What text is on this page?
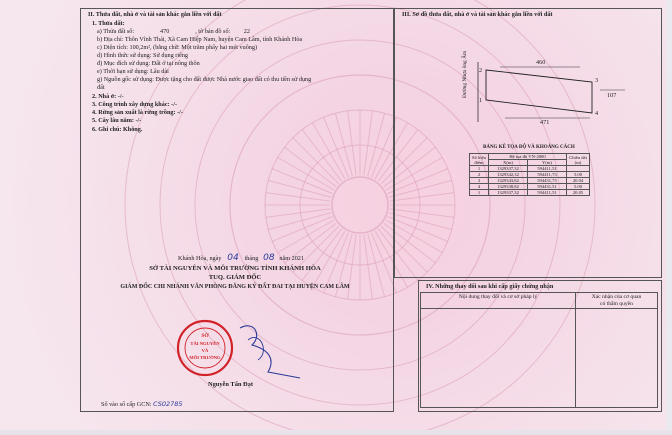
II. Thửa đất, nhà ở và tài sản khác gắn liền với đất
1. Thửa đất:
a) Thửa đất số:	470	, tờ bản đồ số: 22
b) Địa chỉ: Thôn Vĩnh Thái, Xã Cam Hiệp Nam, huyện Cam Lâm, tỉnh Khánh Hòa
c) Diện tích: 100,2m², (bằng chữ: Một trăm phẩy hai mét vuông)
d) Hình thức sử dụng: Sử dụng riêng
đ) Mục đích sử dụng: Đất ở tại nông thôn
e) Thời hạn sử dụng: Lâu dài
g) Nguồn gốc sử dụng: Được tặng cho đất được Nhà nước giao đất có thu tiền sử dụng
đất
2. Nhà ở: -/-
3. Công trình xây dựng khác: -/-
4. Rừng sản xuất là rừng trồng: -/-
5. Cây lâu năm: -/-
6. Ghi chú: Không.
III. Sơ đồ thửa đất, nhà ở và tài sản khác gắn liền với đất
Đường Nhựa ông Ấm	460
471
107
2
1
3
4
BẢNG KÊ TỌA ĐỘ VÀ KHOẢNG CÁCH
Số hiệu điểm	Hệ tọa độ VN-2000		Chiều dài (m)
	X(m)	Y(m)	
1	1329337,32	594411,51	
2	1329342,32	594411,73	5.00
3	1329343,82	594431,75	20.04
4	1329338,82	594431,51	5.00
1	1329337,32	594411,51	20.05
Khánh Hòa, ngày 04 tháng 08 năm 2021
SỞ TÀI NGUYÊN VÀ MÔI TRƯỜNG TỈNH KHÁNH HÒA
TUQ. GIÁM ĐỐC
GIÁM ĐỐC CHI NHÁNH VĂN PHÒNG ĐĂNG KÝ ĐẤT ĐAI TẠI HUYỆN CAM LÂM
SỞ
TÀI NGUYÊN
VÀ
MÔI TRƯỜNG
Nguyễn Tấn Đạt
Số vào sổ cấp GCN: CS02785
IV. Những thay đổi sau khi cấp giấy chứng nhận
Nội dung thay đổi và cơ sở pháp lý	Xác nhận của cơ quan
có thẩm quyền
